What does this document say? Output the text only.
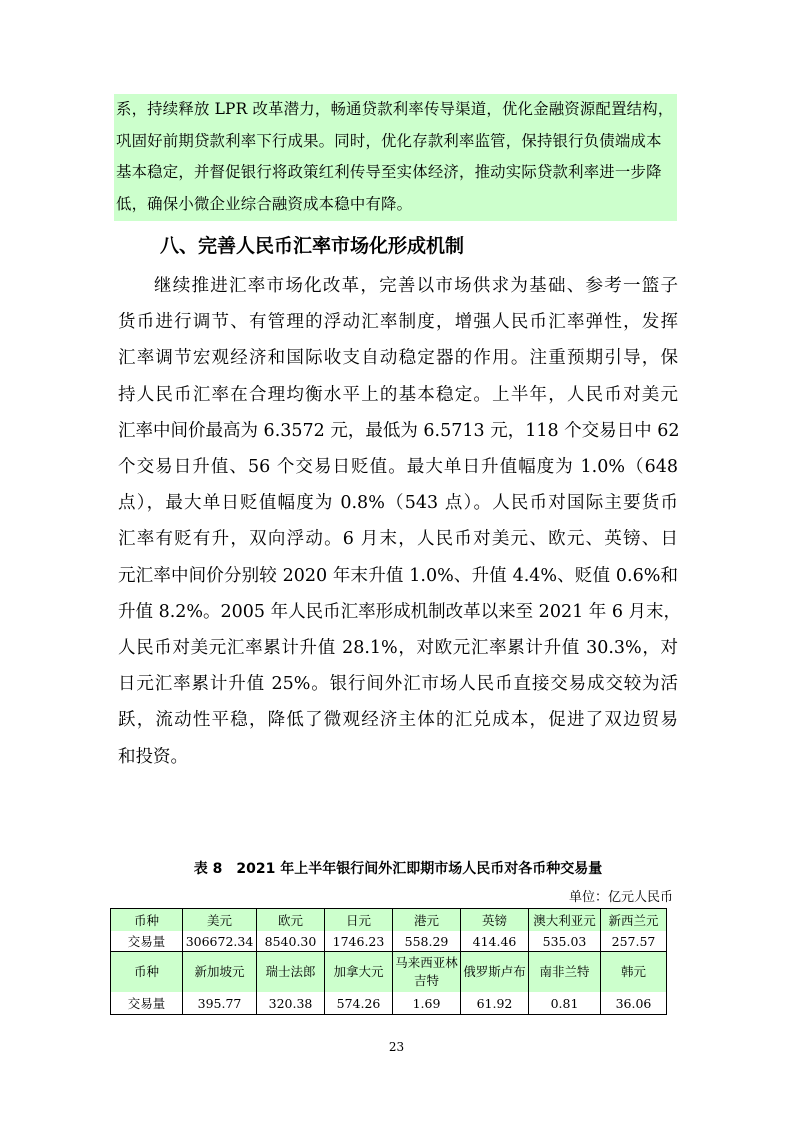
系，持续释放 LPR 改革潜力，畅通贷款利率传导渠道，优化金融资源配置结构，
巩固好前期贷款利率下行成果。同时，优化存款利率监管，保持银行负债端成本
基本稳定，并督促银行将政策红利传导至实体经济，推动实际贷款利率进一步降
低，确保小微企业综合融资成本稳中有降。
八、完善人民币汇率市场化形成机制
继续推进汇率市场化改革，完善以市场供求为基础、参考一篮子
货币进行调节、有管理的浮动汇率制度，增强人民币汇率弹性，发挥
汇率调节宏观经济和国际收支自动稳定器的作用。注重预期引导，保
持人民币汇率在合理均衡水平上的基本稳定。上半年，人民币对美元
汇率中间价最高为 6.3572 元，最低为 6.5713 元，118 个交易日中 62
个交易日升值、56 个交易日贬值。最大单日升值幅度为 1.0%（648
点），最大单日贬值幅度为 0.8%（543 点）。人民币对国际主要货币
汇率有贬有升，双向浮动。6 月末，人民币对美元、欧元、英镑、日
元汇率中间价分别较 2020 年末升值 1.0%、升值 4.4%、贬值 0.6%和
升值 8.2%。2005 年人民币汇率形成机制改革以来至 2021 年 6 月末，
人民币对美元汇率累计升值 28.1%，对欧元汇率累计升值 30.3%，对
日元汇率累计升值 25%。银行间外汇市场人民币直接交易成交较为活
跃，流动性平稳，降低了微观经济主体的汇兑成本，促进了双边贸易
和投资。
表 8　2021 年上半年银行间外汇即期市场人民币对各币种交易量
单位：亿元人民币
币种	美元	欧元	日元	港元	英镑	澳大利亚元	新西兰元
交易量	306672.34	8540.30	1746.23	558.29	414.46	535.03	257.57
币种	新加坡元	瑞士法郎	加拿大元	马来西亚林吉特	俄罗斯卢布	南非兰特	韩元
交易量	395.77	320.38	574.26	1.69	61.92	0.81	36.06
23
